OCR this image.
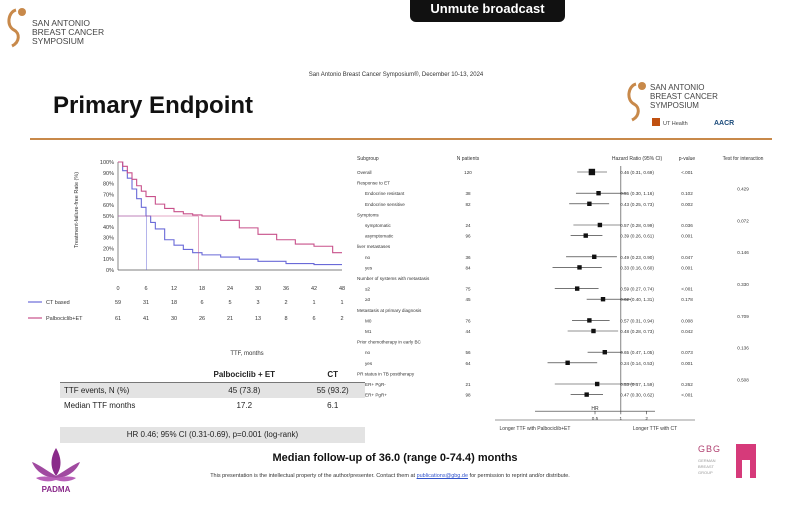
SAN ANTONIO
BREAST CANCER
SYMPOSIUM
Unmute broadcast
San Antonio Breast Cancer Symposium®, December 10-13, 2024
Primary Endpoint
SAN ANTONIO
BREAST CANCER
SYMPOSIUM
UT Health	AACR
Treatment-failure-free Rate (%)
100%
90%
80%
70%
60%
50%
40%
30%
20%
10%
0%
0	6	12	18	24	30	36	42	48
CT based	59	31	18	6	5	3	2	1	1
Palbociclib+ET	61	41	30	26	21	13	8	6	2
TTF, months
Subgroup	N patients	Hazard Ratio (95% CI)	p-value	Test for interaction
Overall	120	0.46 (0.31, 0.69)	<.001
Response to ET
0.429
Endocrine resistant	38	0.55 (0.30, 1.16)	0.102
Endocrine sensitive	82	0.43 (0.25, 0.73)	0.002
Symptoms
0.072
symptomatic	24	0.57 (0.28, 0.99)	0.036
asymptomatic	96	0.39 (0.26, 0.61)	0.001
liver metastases
0.146
no	36	0.49 (0.23, 0.90)	0.047
yes	84	0.33 (0.16, 0.60)	0.001
Number of systems with metastasis
0.330
≤2	75	0.59 (0.27, 0.74)	<.001
≥3	45	0.62 (0.40, 1.31)	0.178
Metastasis at primary diagnosis
0.709
M0	76	0.57 (0.31, 0.94)	0.008
M1	44	0.48 (0.28, 0.73)	0.042
Prior chemotherapy in early BC
0.136
no	56	0.65 (0.47, 1.05)	0.073
yes	64	0.24 (0.14, 0.53)	0.001
PR status in TB posttherapy
0.508
ER+ PgR-	21	0.53 (0.17, 1.59)	0.262
ER+ PgR+	98	0.47 (0.30, 0.62)	<.001
0.5	1	2
HR
Longer TTF with Palbociclib+ET	Longer TTF with CT
	Palbociclib + ET	CT
TTF events, N (%)	45 (73.8)	55 (93.2)
Median TTF months	17.2	6.1
HR 0.46; 95% CI (0.31-0.69), p=0.001 (log-rank)
Median follow-up of 36.0 (range 0-74.4) months
This presentation is the intellectual property of the author/presenter. Contact them at publications@gbg.de for permission to reprint and/or distribute.
PADMA
GBG
GERMAN
BREAST
GROUP
